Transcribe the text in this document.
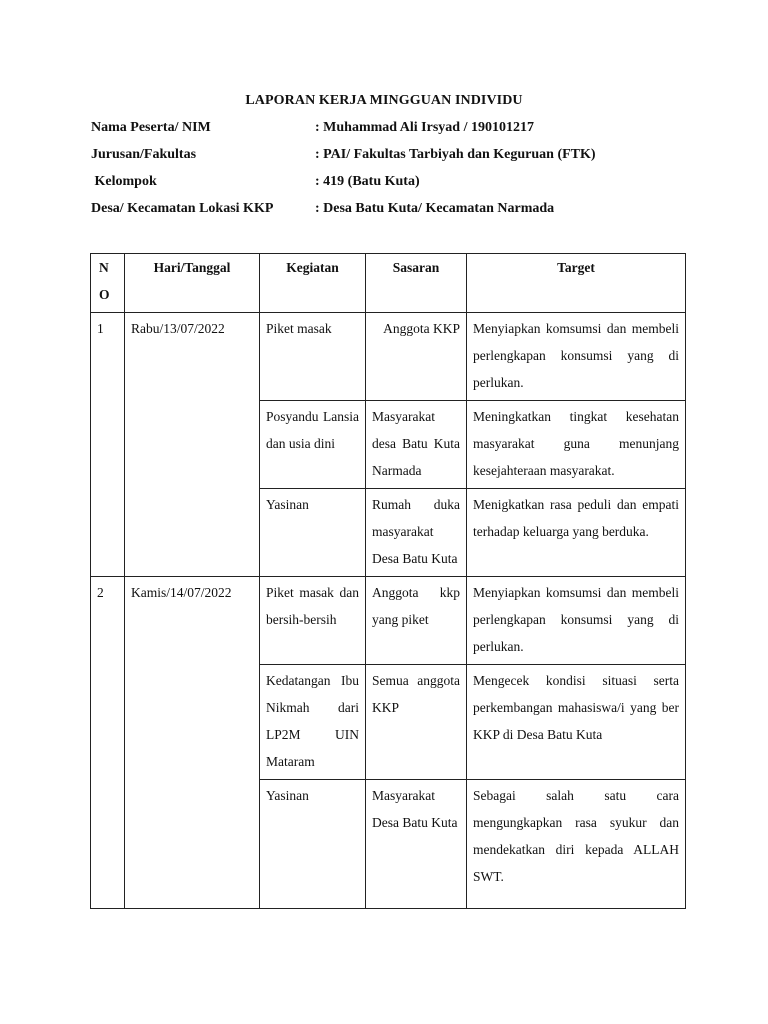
LAPORAN KERJA MINGGUAN INDIVIDU
Nama Peserta/ NIM	: Muhammad Ali Irsyad / 190101217
Jurusan/Fakultas	: PAI/ Fakultas Tarbiyah dan Keguruan (FTK)
Kelompok	: 419 (Batu Kuta)
Desa/ Kecamatan Lokasi KKP	: Desa Batu Kuta/ Kecamatan Narmada
N O	Hari/Tanggal	Kegiatan	Sasaran	Target
1	Rabu/13/07/2022	Piket masak	Anggota KKP	Menyiapkan komsumsi dan membeli perlengkapan konsumsi yang di perlukan.
		Posyandu Lansia dan usia dini	Masyarakat desa Batu Kuta Narmada	Meningkatkan tingkat kesehatan masyarakat guna menunjang kesejahteraan masyarakat.
		Yasinan	Rumah duka masyarakat Desa Batu Kuta	Menigkatkan rasa peduli dan empati terhadap keluarga yang berduka.
2	Kamis/14/07/2022	Piket masak dan bersih-bersih	Anggota kkp yang piket	Menyiapkan komsumsi dan membeli perlengkapan konsumsi yang di perlukan.
		Kedatangan Ibu Nikmah dari LP2M UIN Mataram	Semua anggota KKP	Mengecek kondisi situasi serta perkembangan mahasiswa/i yang ber KKP di Desa Batu Kuta
		Yasinan	Masyarakat Desa Batu Kuta	Sebagai salah satu cara mengungkapkan rasa syukur dan mendekatkan diri kepada ALLAH SWT.
